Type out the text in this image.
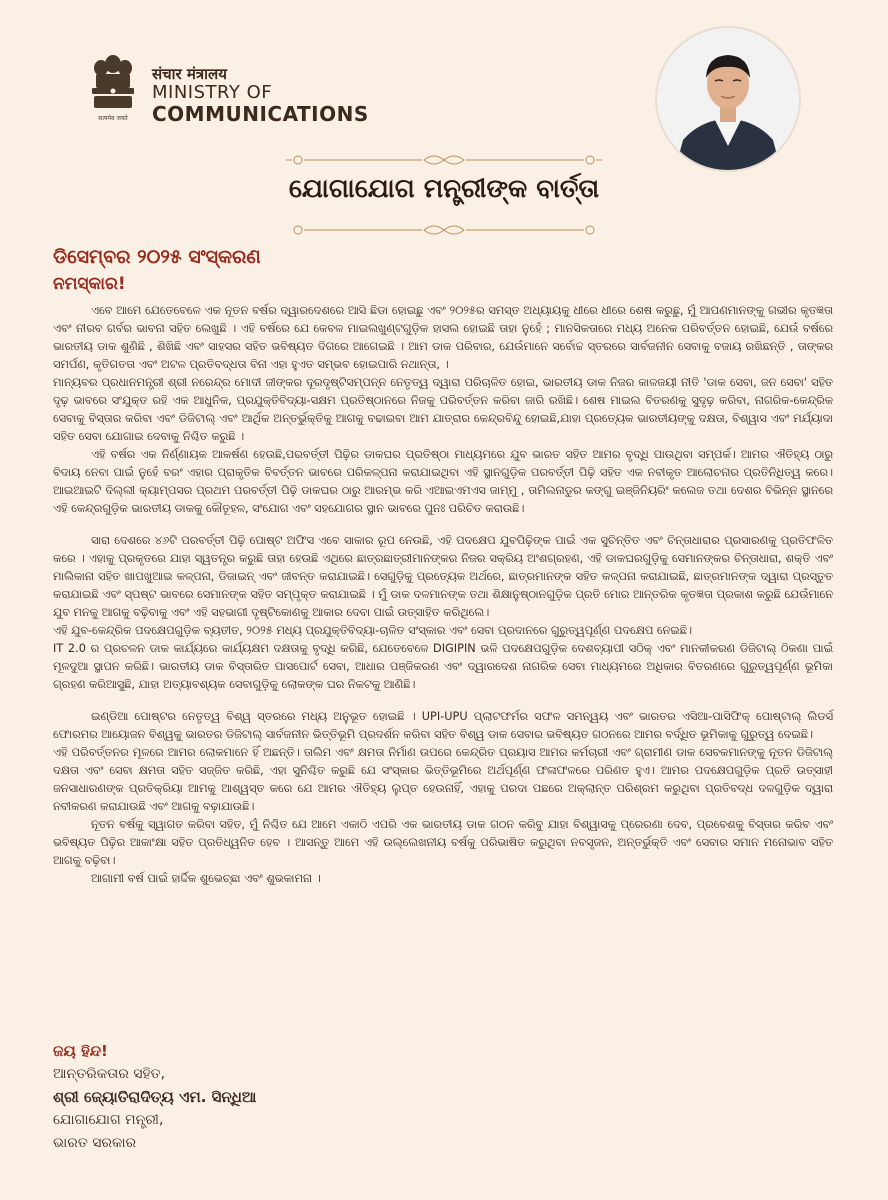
सत्यमेव जयते
संचार मंत्रालय
MINISTRY OF
COMMUNICATIONS
ଯୋଗାଯୋଗ ମନ୍ତ୍ରୀଙ୍କ ବାର୍ତ୍ତା
ଡିସେମ୍ବର ୨୦୨୫ ସଂସ୍କରଣ
ନମସ୍କାର!

ଏବେ ଆମେ ଯେତେବେଳେ ଏକ ନୂତନ ବର୍ଷର ଦ୍ୱାରଦେଶରେ ଆସି ଛିଡା ହୋଇଛୁ ଏବଂ ୨୦୨୫ର ସମସ୍ତ ଅଧ୍ୟାୟକୁ ଧୀରେ ଧୀରେ ଶେଷ କରୁଛୁ, ମୁଁ ଆପଣମାନଙ୍କୁ ଗଭୀର କୃତଜ୍ଞତା ଏବଂ ନୀରବ ଗର୍ବର ଭାବନା ସହିତ ଲେଖୁଛି । ଏହି ବର୍ଷରେ ଯେ କେବଳ ମାଇଲଖୁଣ୍ଟଗୁଡ଼ିକ ହାସଲ ହୋଇଛି ତାହା ନୁହେଁ ; ମାନସିକତାରେ ମଧ୍ୟ ଅନେକ ପରିବର୍ତ୍ତନ ହୋଇଛି, ଯେଉଁ ବର୍ଷରେ ଭାରତୀୟ ଡାକ ଶୁଣିଛି , ଶିଖିଛି ଏବଂ ସାହସର ସହିତ ଭବିଷ୍ୟତ ଦିଗରେ ଆଗେଇଛି । ଆମ ଡାକ ପରିବାର, ଯେଉଁମାନେ ସର୍ବୋଚ୍ଚ ସ୍ତରରେ ସାର୍ବଜନୀନ ସେବାକୁ ବଜାୟ ରଖିଛନ୍ତି , ତାଙ୍କର ସମର୍ପଣ, କୃତିଗତତା ଏବଂ ଅଟଳ ପ୍ରତିବଦ୍ଧତା ବିନା ଏହା ହୁଏତ ସମ୍ଭବ ହୋଇପାରି ନଥାନ୍ତା, ।

ମାନ୍ୟବର ପ୍ରଧାନମନ୍ତ୍ରୀ ଶ୍ରୀ ନରେନ୍ଦ୍ର ମୋଦୀ ଜୀଙ୍କର ଦୂରଦୃଷ୍ଟିସମ୍ପନ୍ନ ନେତୃତ୍ୱ ଦ୍ୱାରା ପରିଚାଳିତ ହୋଇ, ଭାରତୀୟ ଡାକ ନିଜର କାଳଜୟୀ ନୀତି 'ଡାକ ସେବା, ଜନ ସେବା' ସହିତ ଦୃଢ଼ ଭାବରେ ସଂଯୁକ୍ତ ରହି ଏକ ଆଧୁନିକ, ପ୍ରଯୁକ୍ତିବିଦ୍ୟା-ସକ୍ଷମ ପ୍ରତିଷ୍ଠାନରେ ନିଜକୁ ପରିବର୍ତ୍ତନ କରିବା ଜାରି ରଖିଛି। ଶେଷ ମାଇଲ ବିତରଣକୁ ସୁଦୃଢ଼ କରିବା, ନାଗରିକ-କେନ୍ଦ୍ରିକ ସେବାକୁ ବିସ୍ତାର କରିବା ଏବଂ ଡିଜିଟାଲ୍ ଏବଂ ଆର୍ଥିକ ଅନ୍ତର୍ଭୁକ୍ତିକୁ ଆଗକୁ ବଢାଇବା ଆମ ଯାତ୍ରାର କେନ୍ଦ୍ରବିନ୍ଦୁ ହୋଇଛି,ଯାହା ପ୍ରତ୍ୟେକ ଭାରତୀୟଙ୍କୁ ଦକ୍ଷତା, ବିଶ୍ୱାସ ଏବଂ ମର୍ଯ୍ୟାଦା ସହିତ ସେବା ଯୋଗାଇ ଦେବାକୁ ନିଶ୍ଚିତ କରୁଛି ।

ଏହି ବର୍ଷର ଏକ ନିର୍ଣ୍ଣାୟକ ଆକର୍ଷଣ ହେଉଛି,ପରବର୍ତ୍ତୀ ପିଢ଼ିର ଡାକଘର ପ୍ରତିଷ୍ଠା ମାଧ୍ୟମରେ ଯୁବ ଭାରତ ସହିତ ଆମର ବୃଦ୍ଧି ପାଉଥିବା ସମ୍ପର୍କ। ଆମର ଐତିହ୍ୟ ଠାରୁ ବିଦାୟ ନେବା ପାଇଁ ନୁହେଁ ବରଂ ଏହାର ପ୍ରାକୃତିକ ବିବର୍ତ୍ତନ ଭାବରେ ପରିକଳ୍ପନା କରାଯାଇଥିବା ଏହି ସ୍ଥାନଗୁଡ଼ିକ ପରବର୍ତ୍ତୀ ପିଢ଼ି ସହିତ ଏକ ନବୀକୃତ ଆଲୋଚନାର ପ୍ରତିନିଧିତ୍ୱ କରେ। ଆଇଆଇଟି ଦିଲ୍ଲୀ କ୍ୟାମ୍ପସର ପ୍ରଥମ ପରବର୍ତ୍ତୀ ପିଢ଼ି ଡାକଘର ଠାରୁ ଆରମ୍ଭ କରି ଏଆଇଏମଏସ ଜାମ୍ମୁ , ତାମିଲନାଡୁର କଙ୍ଗୁ ଇଞ୍ଜିନିୟରିଂ କଲେଜ ତଥା ଦେଶର ବିଭିନ୍ନ ସ୍ଥାନରେ ଏହି କେନ୍ଦ୍ରଗୁଡ଼ିକ ଭାରତୀୟ ଡାକକୁ କୌତୂହଳ, ସଂଯୋଗ ଏବଂ ସହଯୋଗର ସ୍ଥାନ ଭାବରେ ପୁନଃ ପରିଚିତ କରାଉଛି।

ସାରା ଦେଶରେ ୪୬ଟି ପରବର୍ତ୍ତୀ ପିଢ଼ି ପୋଷ୍ଟ ଅଫିସ ଏବେ ସାକାର ରୂପ ନେଉଛି, ଏହି ପଦକ୍ଷେପ ଯୁବପିଢ଼ିଙ୍କ ପାଇଁ ଏକ ସୁଚିନ୍ତିତ ଏବଂ ଚିନ୍ତାଧାରାର ପ୍ରସାରଣକୁ ପ୍ରତିଫଳିତ କରେ । ଏହାକୁ ପ୍ରକୃତରେ ଯାହା ସ୍ୱତନ୍ତ୍ର କରୁଛି ତାହା ହେଉଛି ଏଥିରେ ଛାତ୍ରଛାତ୍ରୀମାନଙ୍କର ନିଜର ସକ୍ରିୟ ଅଂଶଗ୍ରହଣ, ଏହି ଡାକଘରଗୁଡ଼ିକୁ ସେମାନଙ୍କର ଚିନ୍ତାଧାରା, ଶକ୍ତି ଏବଂ ମାଲିକାନା ସହିତ ଖାପଖୁଆଇ କଳ୍ପନା, ଡିଜାଇନ୍ ଏବଂ ଜୀବନ୍ତ କରାଯାଇଛି। ସେଗୁଡ଼ିକୁ ପ୍ରତ୍ୟେକ ଅର୍ଥରେ, ଛାତ୍ରମାନଙ୍କ ସହିତ କଳ୍ପନା କରାଯାଇଛି, ଛାତ୍ରମାନଙ୍କ ଦ୍ୱାରା ପ୍ରସ୍ତୁତ କରାଯାଇଛି ଏବଂ ସ୍ପଷ୍ଟ ଭାବରେ ସେମାନଙ୍କ ସହିତ ସମ୍ପୃକ୍ତ କରାଯାଇଛି । ମୁଁ ଡାକ ଦଳମାନଙ୍କ ତଥା ଶିକ୍ଷାନୁଷ୍ଠାନଗୁଡ଼ିକ ପ୍ରତି ମୋର ଆନ୍ତରିକ କୃତଜ୍ଞତା ପ୍ରକାଶ କରୁଛି ଯେଉଁମାନେ ଯୁବ ମନକୁ ଆଗକୁ ବଢ଼ିବାକୁ ଏବଂ ଏହି ସହଭାଗୀ ଦୃଷ୍ଟିକୋଣକୁ ଆକାର ଦେବା ପାଇଁ ଉତ୍ସାହିତ କରିଥିଲେ।

ଏହି ଯୁବ-କେନ୍ଦ୍ରିକ ପଦକ୍ଷେପଗୁଡ଼ିକ ବ୍ୟତୀତ, ୨୦୨୫ ମଧ୍ୟ ପ୍ରଯୁକ୍ତିବିଦ୍ୟା-ଚାଳିତ ସଂସ୍କାର ଏବଂ ସେବା ପ୍ରଦାନରେ ଗୁରୁତ୍ୱପୂର୍ଣ୍ଣ ପଦକ୍ଷେପ ନେଇଛି।

IT 2.0 ର ପ୍ରଚଳନ ଡାକ କାର୍ଯ୍ୟରେ କାର୍ଯ୍ୟକ୍ଷମ ଦକ୍ଷତାକୁ ବୃଦ୍ଧି କରିଛି, ଯେତେବେଳେ DIGIPIN ଭଳି ପଦକ୍ଷେପଗୁଡ଼ିକ ଦେଶବ୍ୟାପୀ ସଠିକ୍ ଏବଂ ମାନକୀକରଣ ଡିଜିଟାଲ୍ ଠିକଣା ପାଇଁ ମୂଳଦୁଆ ସ୍ଥାପନ କରିଛି। ଭାରତୀୟ ଡାକ ବିସ୍ତାରିତ ପାସପୋର୍ଟ ସେବା, ଆଧାର ପଞ୍ଜିକରଣ ଏବଂ ଦ୍ୱାରଦେଶ ନାଗରିକ ସେବା ମାଧ୍ୟମରେ ଅଧିକାର ବିତରଣରେ ଗୁରୁତ୍ୱପୂର୍ଣ୍ଣ ଭୂମିକା ଗ୍ରହଣ କରିଆସୁଛି, ଯାହା ଅତ୍ୟାବଶ୍ୟକ ସେବାଗୁଡ଼ିକୁ ଲୋକଙ୍କ ଘର ନିକଟକୁ ଆଣିଛି।

ଇଣ୍ଡିଆ ପୋଷ୍ଟର ନେତୃତ୍ୱ ବିଶ୍ୱ ସ୍ତରରେ ମଧ୍ୟ ଅନୁଭୂତ ହୋଇଛି । UPI-UPU ପ୍ଲାଟଫର୍ମର ସଫଳ ସମନ୍ୱୟ ଏବଂ ଭାରତର ଏସିଆ-ପାସିଫିକ୍ ପୋଷ୍ଟାଲ୍ ଲିଡର୍ସ ଫୋରମର ଆୟୋଜନ ବିଶ୍ୱକୁ ଭାରତର ଡିଜିଟାଲ୍ ସାର୍ବଜନୀନ ଭିତ୍ତିଭୂମି ପ୍ରଦର୍ଶନ କରିବା ସହିତ ବିଶ୍ୱ ଡାକ ସେବାର ଭବିଷ୍ୟତ ଗଠନରେ ଆମର ବର୍ଦ୍ଧିତ ଭୂମିକାକୁ ଗୁରୁତ୍ୱ ଦେଇଛି।

ଏହି ପରିବର୍ତ୍ତନର ମୂଳରେ ଆମର ଲୋକମାନେ ହିଁ ଅଛନ୍ତି। ତାଲିମ ଏବଂ କ୍ଷମତା ନିର୍ମାଣ ଉପରେ କେନ୍ଦ୍ରିତ ପ୍ରୟାସ ଆମର କର୍ମଚାରୀ ଏବଂ ଗ୍ରାମୀଣ ଡାକ ସେବକମାନଙ୍କୁ ନୂତନ ଡିଜିଟାଲ୍ ଦକ୍ଷତା ଏବଂ ସେବା କ୍ଷମତା ସହିତ ସଜ୍ଜିତ କରିଛି, ଏହା ସୁନିଶ୍ଚିତ କରୁଛି ଯେ ସଂସ୍କାର ଭିତ୍ତିଭୂମିରେ ଅର୍ଥପୂର୍ଣ୍ଣ ଫଳାଫଳରେ ପରିଣତ ହୁଏ। ଆମର ପଦକ୍ଷେପଗୁଡ଼ିକ ପ୍ରତି ଉତ୍ସାହୀ ଜନସାଧାରଣଙ୍କ ପ୍ରତିକ୍ରିୟା ଆମକୁ ଆଶ୍ୱସ୍ତ କରେ ଯେ ଆମର ଐତିହ୍ୟ ଲୁପ୍ତ ହେଉନାହିଁ, ଏହାକୁ ପରଦା ପଛରେ ଅକ୍ଲାନ୍ତ ପରିଶ୍ରମ କରୁଥିବା ପ୍ରତିବଦ୍ଧ ଦଳଗୁଡ଼ିକ ଦ୍ୱାରା ନବୀକରଣ କରାଯାଉଛି ଏବଂ ଆଗକୁ ବଢ଼ାଯାଉଛି।

ନୂତନ ବର୍ଷକୁ ସ୍ୱାଗତ କରିବା ସହିତ, ମୁଁ ନିଶ୍ଚିତ ଯେ ଆମେ ଏକାଠି ଏପରି ଏକ ଭାରତୀୟ ଡାକ ଗଠନ କରିବୁ ଯାହା ବିଶ୍ୱାସକୁ ପ୍ରେରଣା ଦେବ, ପ୍ରବେଶକୁ ବିସ୍ତାର କରିବ ଏବଂ ଭବିଷ୍ୟତ ପିଢ଼ିର ଆକାଂକ୍ଷା ସହିତ ପ୍ରତିଧ୍ୱନିତ ହେବ । ଆସନ୍ତୁ ଆମେ ଏହି ଉଲ୍ଲେଖନୀୟ ବର୍ଷକୁ ପରିଭାଷିତ କରୁଥିବା ନବସୃଜନ, ଅନ୍ତର୍ଭୁକ୍ତି ଏବଂ ସେବାର ସମାନ ମନୋଭାବ ସହିତ ଆଗକୁ ବଢ଼ିବା।

ଆଗାମୀ ବର୍ଷ ପାଇଁ ହାର୍ଦ୍ଦିକ ଶୁଭେଚ୍ଛା ଏବଂ ଶୁଭକାମନା ।

ଜୟ ହିନ୍ଦ!
ଆନ୍ତରିକତାର ସହିତ,
ଶ୍ରୀ ଜ୍ୟୋତିରାଦିତ୍ୟ ଏମ. ସିନ୍ଧିଆ
ଯୋଗାଯୋଗ ମନ୍ତ୍ରୀ,
ଭାରତ ସରକାର
